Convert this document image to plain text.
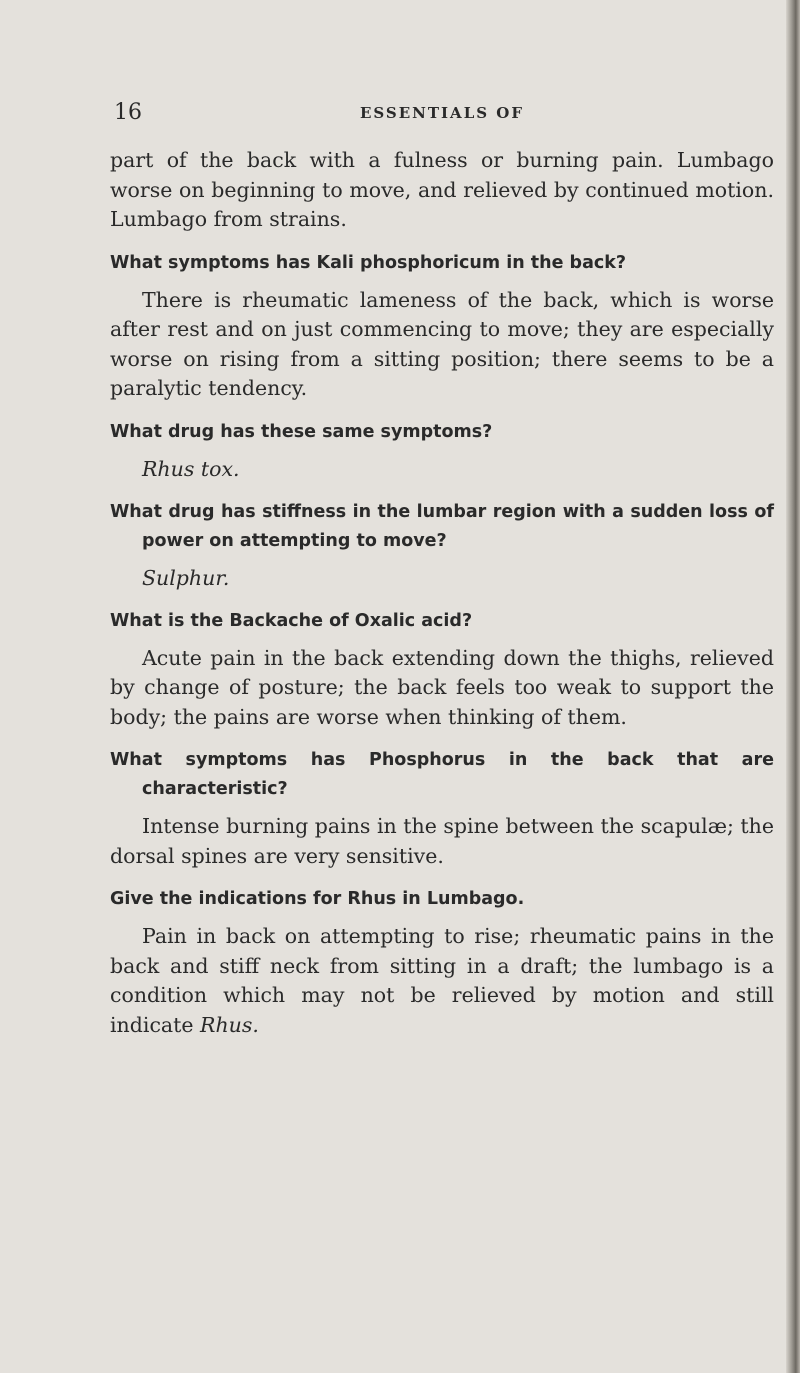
16	ESSENTIALS OF

part of the back with a fulness or burning pain. Lumbago worse on beginning to move, and relieved by continued motion. Lumbago from strains.

What symptoms has Kali phosphoricum in the back?

There is rheumatic lameness of the back, which is worse after rest and on just commencing to move; they are especially worse on rising from a sitting position; there seems to be a paralytic tendency.

What drug has these same symptoms?

Rhus tox.

What drug has stiffness in the lumbar region with a sudden loss of power on attempting to move?

Sulphur.

What is the Backache of Oxalic acid?

Acute pain in the back extending down the thighs, relieved by change of posture; the back feels too weak to support the body; the pains are worse when thinking of them.

What symptoms has Phosphorus in the back that are characteristic?

Intense burning pains in the spine between the scapulæ; the dorsal spines are very sensitive.

Give the indications for Rhus in Lumbago.

Pain in back on attempting to rise; rheumatic pains in the back and stiff neck from sitting in a draft; the lumbago is a condition which may not be relieved by motion and still indicate Rhus.
